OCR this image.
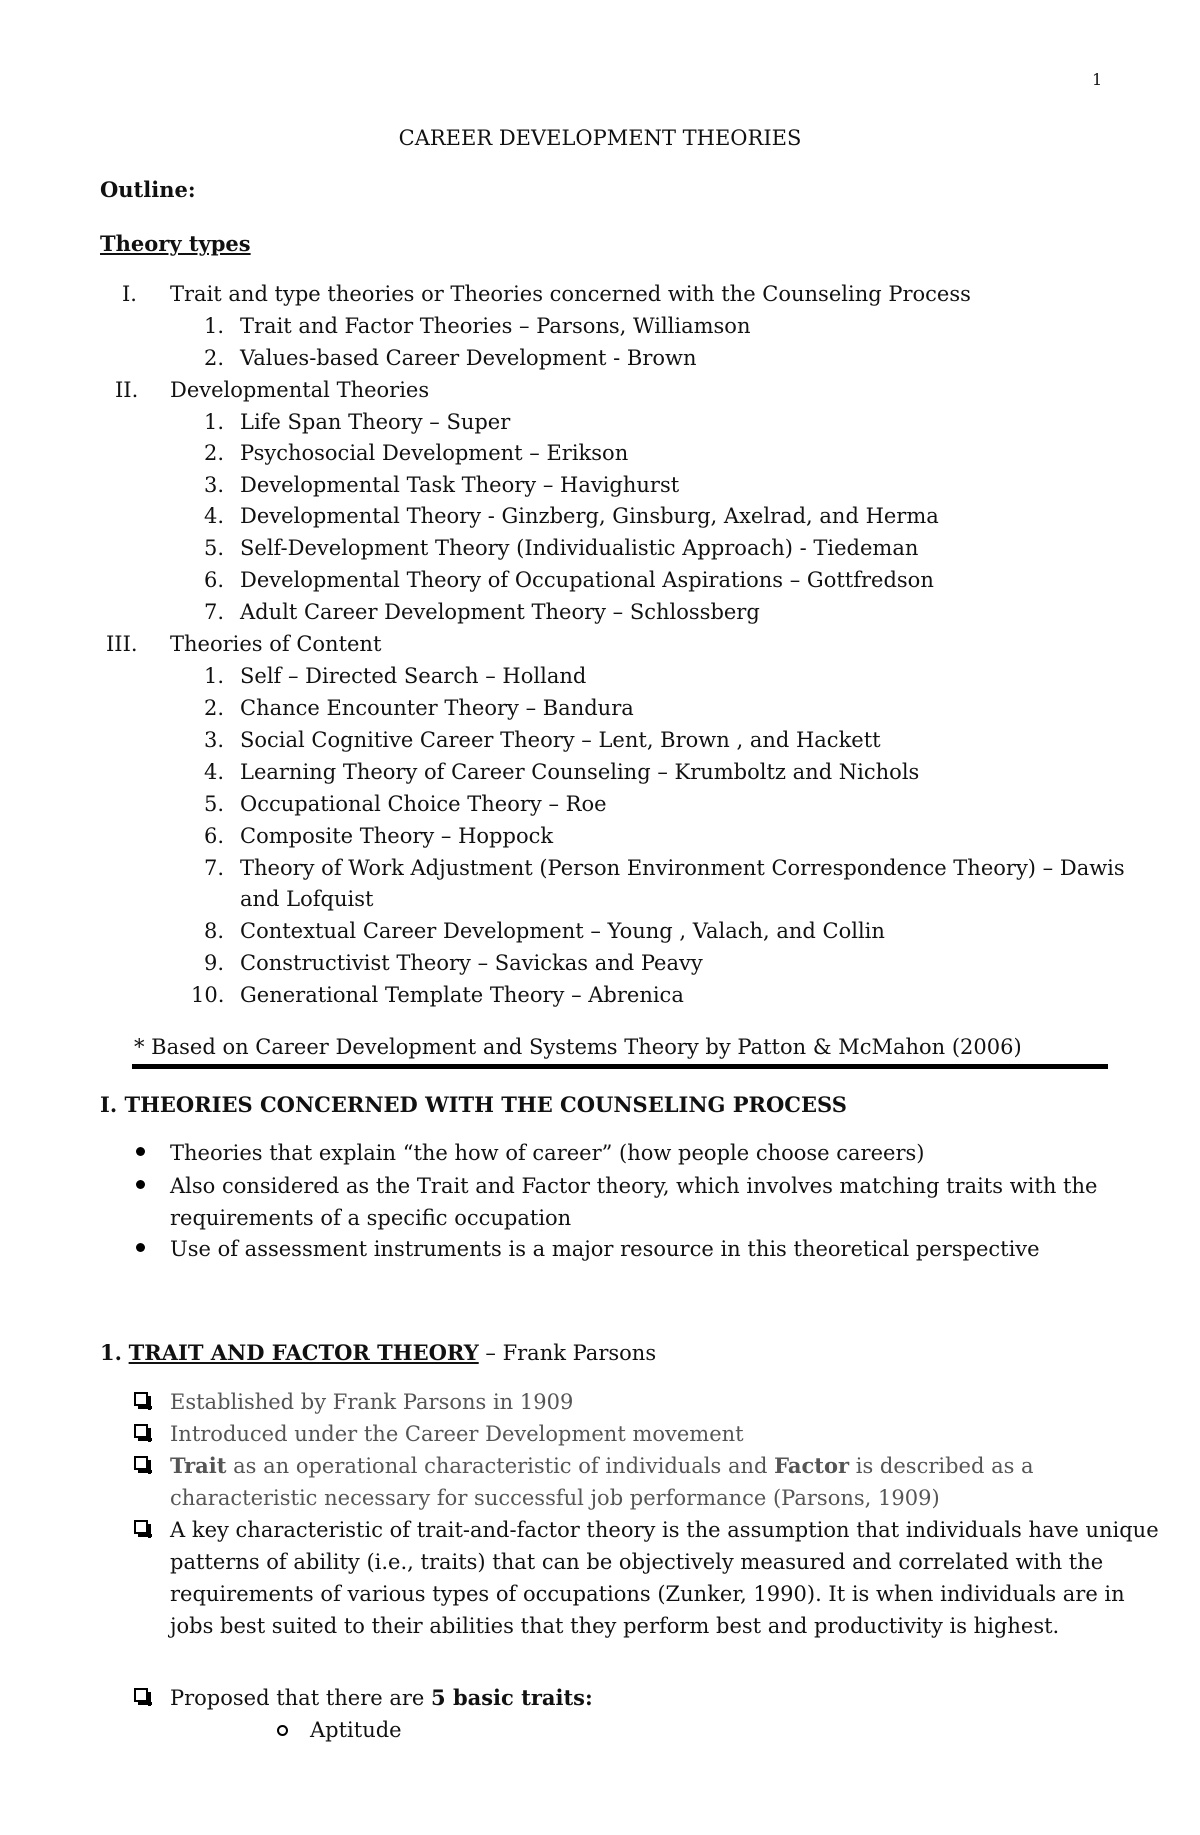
1
CAREER DEVELOPMENT THEORIES
Outline:
Theory types
I. Trait and type theories or Theories concerned with the Counseling Process
1. Trait and Factor Theories – Parsons, Williamson
2. Values-based Career Development - Brown
II. Developmental Theories
1. Life Span Theory – Super
2. Psychosocial Development – Erikson
3. Developmental Task Theory – Havighurst
4. Developmental Theory - Ginzberg, Ginsburg, Axelrad, and Herma
5. Self-Development Theory (Individualistic Approach) - Tiedeman
6. Developmental Theory of Occupational Aspirations – Gottfredson
7. Adult Career Development Theory – Schlossberg
III. Theories of Content
1. Self – Directed Search – Holland
2. Chance Encounter Theory – Bandura
3. Social Cognitive Career Theory – Lent, Brown , and Hackett
4. Learning Theory of Career Counseling – Krumboltz and Nichols
5. Occupational Choice Theory – Roe
6. Composite Theory – Hoppock
7. Theory of Work Adjustment (Person Environment Correspondence Theory) – Dawis
and Lofquist
8. Contextual Career Development – Young , Valach, and Collin
9. Constructivist Theory – Savickas and Peavy
10. Generational Template Theory – Abrenica
* Based on Career Development and Systems Theory by Patton & McMahon (2006)
I. THEORIES CONCERNED WITH THE COUNSELING PROCESS
Theories that explain “the how of career” (how people choose careers)
Also considered as the Trait and Factor theory, which involves matching traits with the
requirements of a specific occupation
Use of assessment instruments is a major resource in this theoretical perspective
1. TRAIT AND FACTOR THEORY – Frank Parsons
Established by Frank Parsons in 1909
Introduced under the Career Development movement
Trait as an operational characteristic of individuals and Factor is described as a
characteristic necessary for successful job performance (Parsons, 1909)
A key characteristic of trait-and-factor theory is the assumption that individuals have unique
patterns of ability (i.e., traits) that can be objectively measured and correlated with the
requirements of various types of occupations (Zunker, 1990). It is when individuals are in
jobs best suited to their abilities that they perform best and productivity is highest.
Proposed that there are 5 basic traits:
Aptitude
